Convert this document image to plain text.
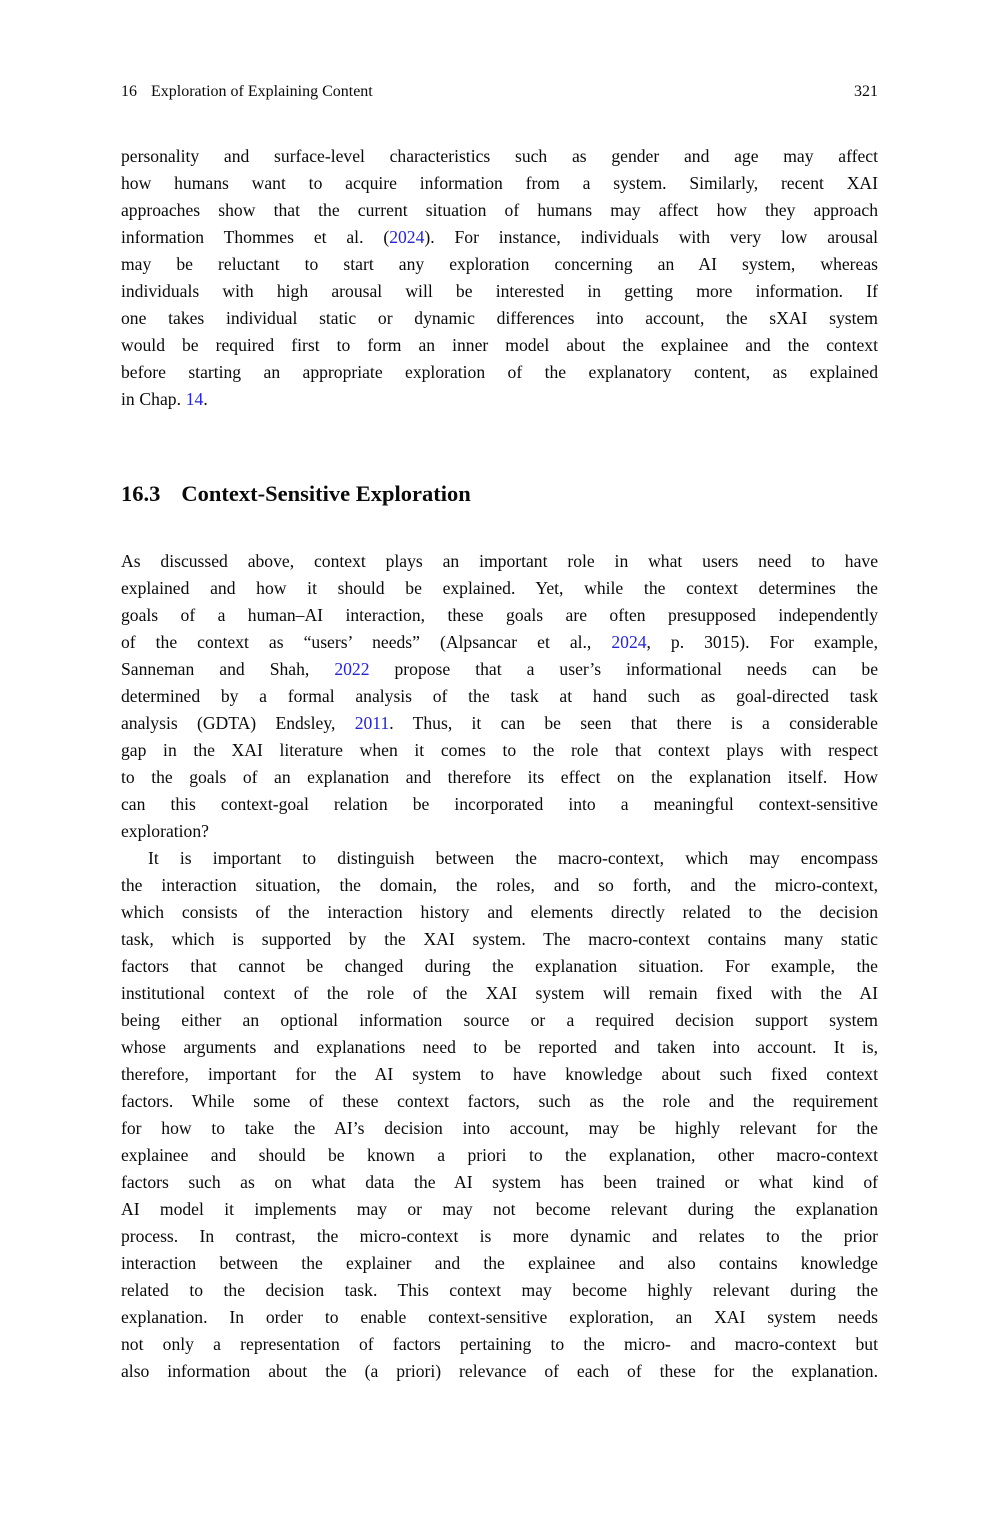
16 Exploration of Explaining Content	321
personality and surface-level characteristics such as gender and age may affect
how humans want to acquire information from a system. Similarly, recent XAI
approaches show that the current situation of humans may affect how they approach
information Thommes et al. (2024). For instance, individuals with very low arousal
may be reluctant to start any exploration concerning an AI system, whereas
individuals with high arousal will be interested in getting more information. If
one takes individual static or dynamic differences into account, the sXAI system
would be required first to form an inner model about the explainee and the context
before starting an appropriate exploration of the explanatory content, as explained
in Chap. 14.
16.3 Context-Sensitive Exploration
As discussed above, context plays an important role in what users need to have
explained and how it should be explained. Yet, while the context determines the
goals of a human–AI interaction, these goals are often presupposed independently
of the context as “users’ needs” (Alpsancar et al., 2024, p. 3015). For example,
Sanneman and Shah, 2022 propose that a user’s informational needs can be
determined by a formal analysis of the task at hand such as goal-directed task
analysis (GDTA) Endsley, 2011. Thus, it can be seen that there is a considerable
gap in the XAI literature when it comes to the role that context plays with respect
to the goals of an explanation and therefore its effect on the explanation itself. How
can this context-goal relation be incorporated into a meaningful context-sensitive
exploration?
It is important to distinguish between the macro-context, which may encompass
the interaction situation, the domain, the roles, and so forth, and the micro-context,
which consists of the interaction history and elements directly related to the decision
task, which is supported by the XAI system. The macro-context contains many static
factors that cannot be changed during the explanation situation. For example, the
institutional context of the role of the XAI system will remain fixed with the AI
being either an optional information source or a required decision support system
whose arguments and explanations need to be reported and taken into account. It is,
therefore, important for the AI system to have knowledge about such fixed context
factors. While some of these context factors, such as the role and the requirement
for how to take the AI’s decision into account, may be highly relevant for the
explainee and should be known a priori to the explanation, other macro-context
factors such as on what data the AI system has been trained or what kind of
AI model it implements may or may not become relevant during the explanation
process. In contrast, the micro-context is more dynamic and relates to the prior
interaction between the explainer and the explainee and also contains knowledge
related to the decision task. This context may become highly relevant during the
explanation. In order to enable context-sensitive exploration, an XAI system needs
not only a representation of factors pertaining to the micro- and macro-context but
also information about the (a priori) relevance of each of these for the explanation.
